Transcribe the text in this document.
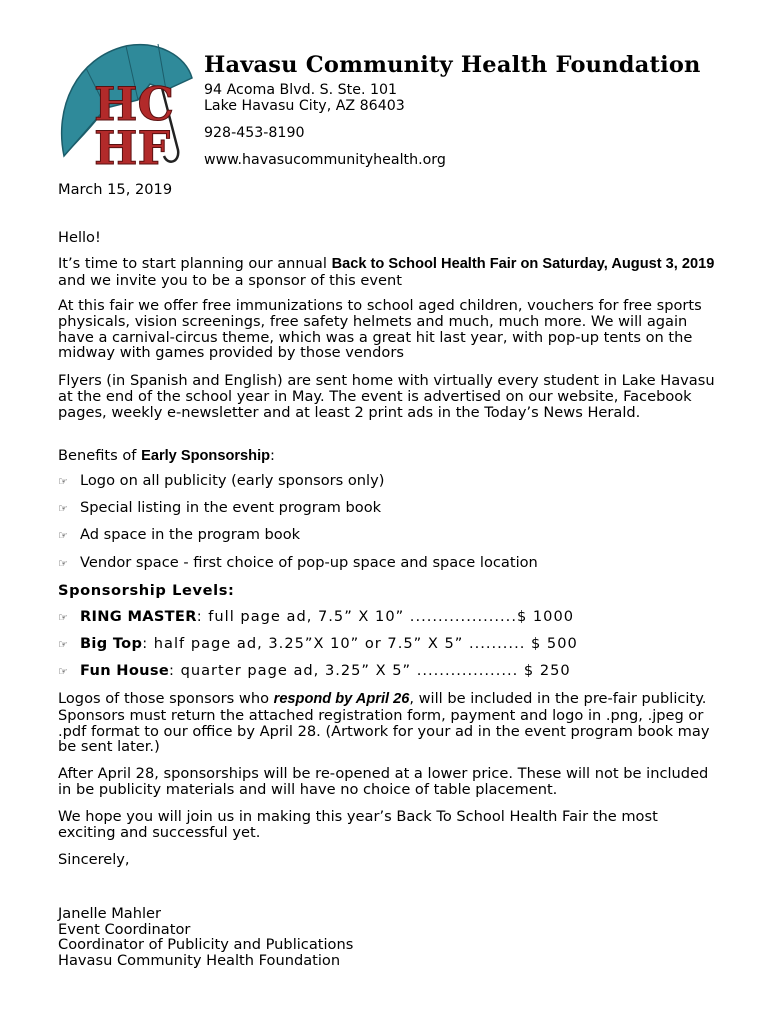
HC
HF
Havasu Community Health Foundation
94 Acoma Blvd. S. Ste. 101
Lake Havasu City, AZ 86403
928-453-8190
www.havasucommunityhealth.org

March 15, 2019

Hello!

It’s time to start planning our annual Back to School Health Fair on Saturday, August 3, 2019 and we invite you to be a sponsor of this event

At this fair we offer free immunizations to school aged children, vouchers for free sports physicals, vision screenings, free safety helmets and much, much more. We will again have a carnival-circus theme, which was a great hit last year, with pop-up tents on the midway with games provided by those vendors

Flyers (in Spanish and English) are sent home with virtually every student in Lake Havasu at the end of the school year in May. The event is advertised on our website, Facebook pages, weekly e-newsletter and at least 2 print ads in the Today’s News Herald.

Benefits of Early Sponsorship:

☞ Logo on all publicity (early sponsors only)
☞ Special listing in the event program book
☞ Ad space in the program book
☞ Vendor space - first choice of pop-up space and space location

Sponsorship Levels:

☞ RING MASTER: full page ad, 7.5” X 10” ...................$ 1000
☞ Big Top: half page ad, 3.25”X 10” or 7.5” X 5” .......... $ 500
☞ Fun House: quarter page ad, 3.25” X 5” .................. $ 250

Logos of those sponsors who respond by April 26, will be included in the pre-fair publicity. Sponsors must return the attached registration form, payment and logo in .png, .jpeg or .pdf format to our office by April 28. (Artwork for your ad in the event program book may be sent later.)

After April 28, sponsorships will be re-opened at a lower price. These will not be included in be publicity materials and will have no choice of table placement.

We hope you will join us in making this year’s Back To School Health Fair the most exciting and successful yet.

Sincerely,

Janelle Mahler
Event Coordinator
Coordinator of Publicity and Publications
Havasu Community Health Foundation
